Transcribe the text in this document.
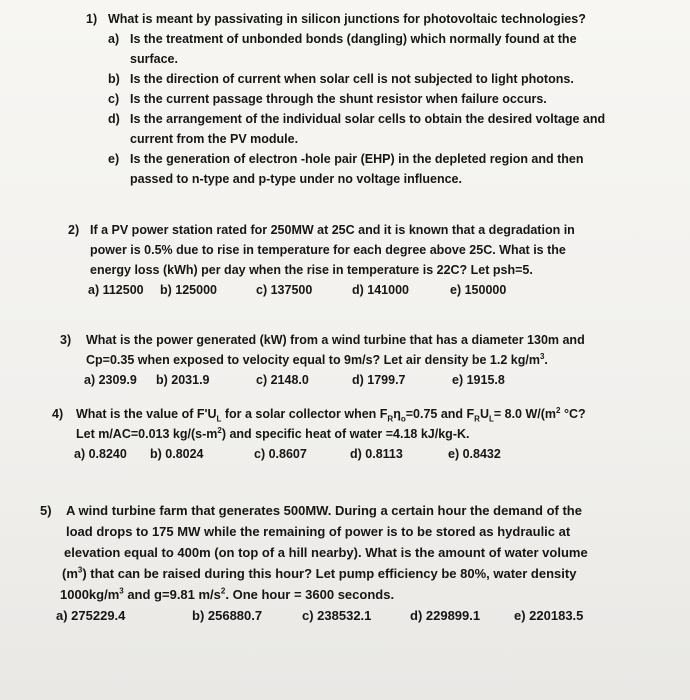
1) What is meant by passivating in silicon junctions for photovoltaic technologies?
a) Is the treatment of unbonded bonds (dangling) which normally found at the
surface.
b) Is the direction of current when solar cell is not subjected to light photons.
c) Is the current passage through the shunt resistor when failure occurs.
d) Is the arrangement of the individual solar cells to obtain the desired voltage and
current from the PV module.
e) Is the generation of electron -hole pair (EHP) in the depleted region and then
passed to n-type and p-type under no voltage influence.
2) If a PV power station rated for 250MW at 25C and it is known that a degradation in
power is 0.5% due to rise in temperature for each degree above 25C. What is the
energy loss (kWh) per day when the rise in temperature is 22C? Let psh=5.
a) 112500	b) 125000	c) 137500	d) 141000	e) 150000
3) What is the power generated (kW) from a wind turbine that has a diameter 130m and
Cp=0.35 when exposed to velocity equal to 9m/s? Let air density be 1.2 $kg/m^3$.
a) 2309.9	b) 2031.9	c) 2148.0	d) 1799.7	e) 1915.8
4) What is the value of $F'U_L$ for a solar collector when $F_R\eta_o=0.75$ and $F_RU_L= 8.0$ $W/(m^2$ °C?
Let m/AC=0.013 $kg/(s-m^2)$ and specific heat of water =4.18 kJ/kg-K.
a) 0.8240	b) 0.8024	c) 0.8607	d) 0.8113	e) 0.8432
5) A wind turbine farm that generates 500MW. During a certain hour the demand of the
load drops to 175 MW while the remaining of power is to be stored as hydraulic at
elevation equal to 400m (on top of a hill nearby). What is the amount of water volume
$(m^3)$ that can be raised during this hour? Let pump efficiency be 80%, water density
$1000kg/m^3$ and g=9.81 $m/s^2$. One hour = 3600 seconds.
a) 275229.4	b) 256880.7	c) 238532.1	d) 229899.1	e) 220183.5
